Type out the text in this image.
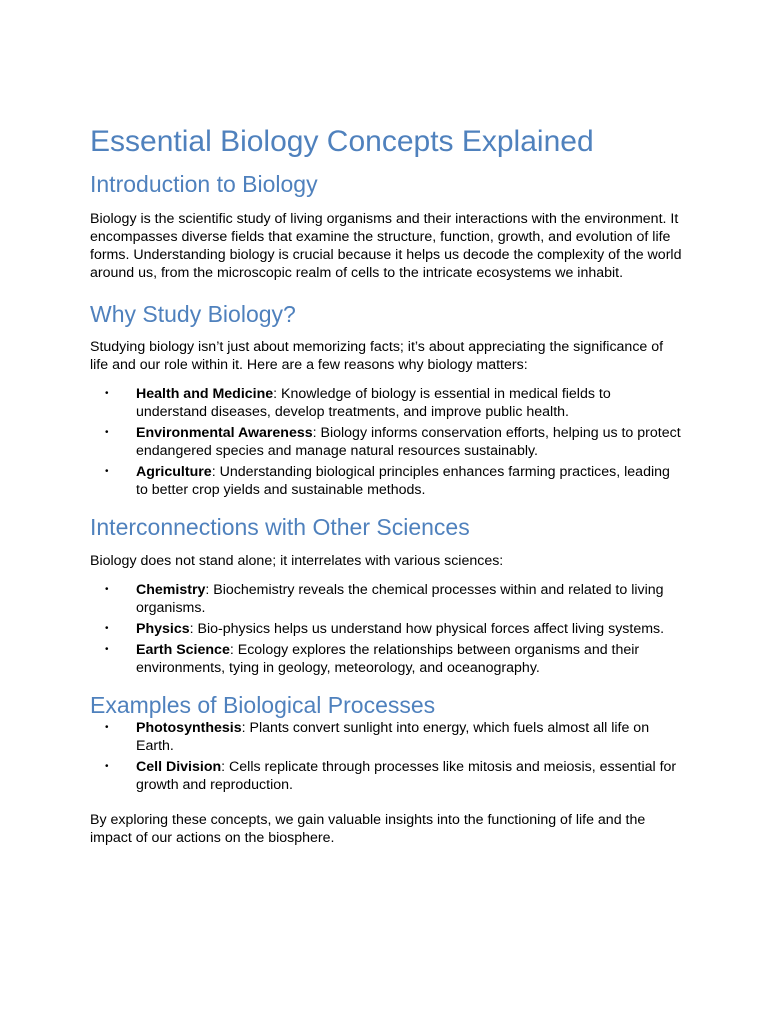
Essential Biology Concepts Explained
Introduction to Biology

Biology is the scientific study of living organisms and their interactions with the environment. It encompasses diverse fields that examine the structure, function, growth, and evolution of life forms. Understanding biology is crucial because it helps us decode the complexity of the world around us, from the microscopic realm of cells to the intricate ecosystems we inhabit.

Why Study Biology?

Studying biology isn’t just about memorizing facts; it’s about appreciating the significance of life and our role within it. Here are a few reasons why biology matters:

• Health and Medicine: Knowledge of biology is essential in medical fields to understand diseases, develop treatments, and improve public health.
• Environmental Awareness: Biology informs conservation efforts, helping us to protect endangered species and manage natural resources sustainably.
• Agriculture: Understanding biological principles enhances farming practices, leading to better crop yields and sustainable methods.
Interconnections with Other Sciences

Biology does not stand alone; it interrelates with various sciences:

• Chemistry: Biochemistry reveals the chemical processes within and related to living organisms.
• Physics: Bio-physics helps us understand how physical forces affect living systems.
• Earth Science: Ecology explores the relationships between organisms and their environments, tying in geology, meteorology, and oceanography.
Examples of Biological Processes
• Photosynthesis: Plants convert sunlight into energy, which fuels almost all life on Earth.
• Cell Division: Cells replicate through processes like mitosis and meiosis, essential for growth and reproduction.

By exploring these concepts, we gain valuable insights into the functioning of life and the impact of our actions on the biosphere.
